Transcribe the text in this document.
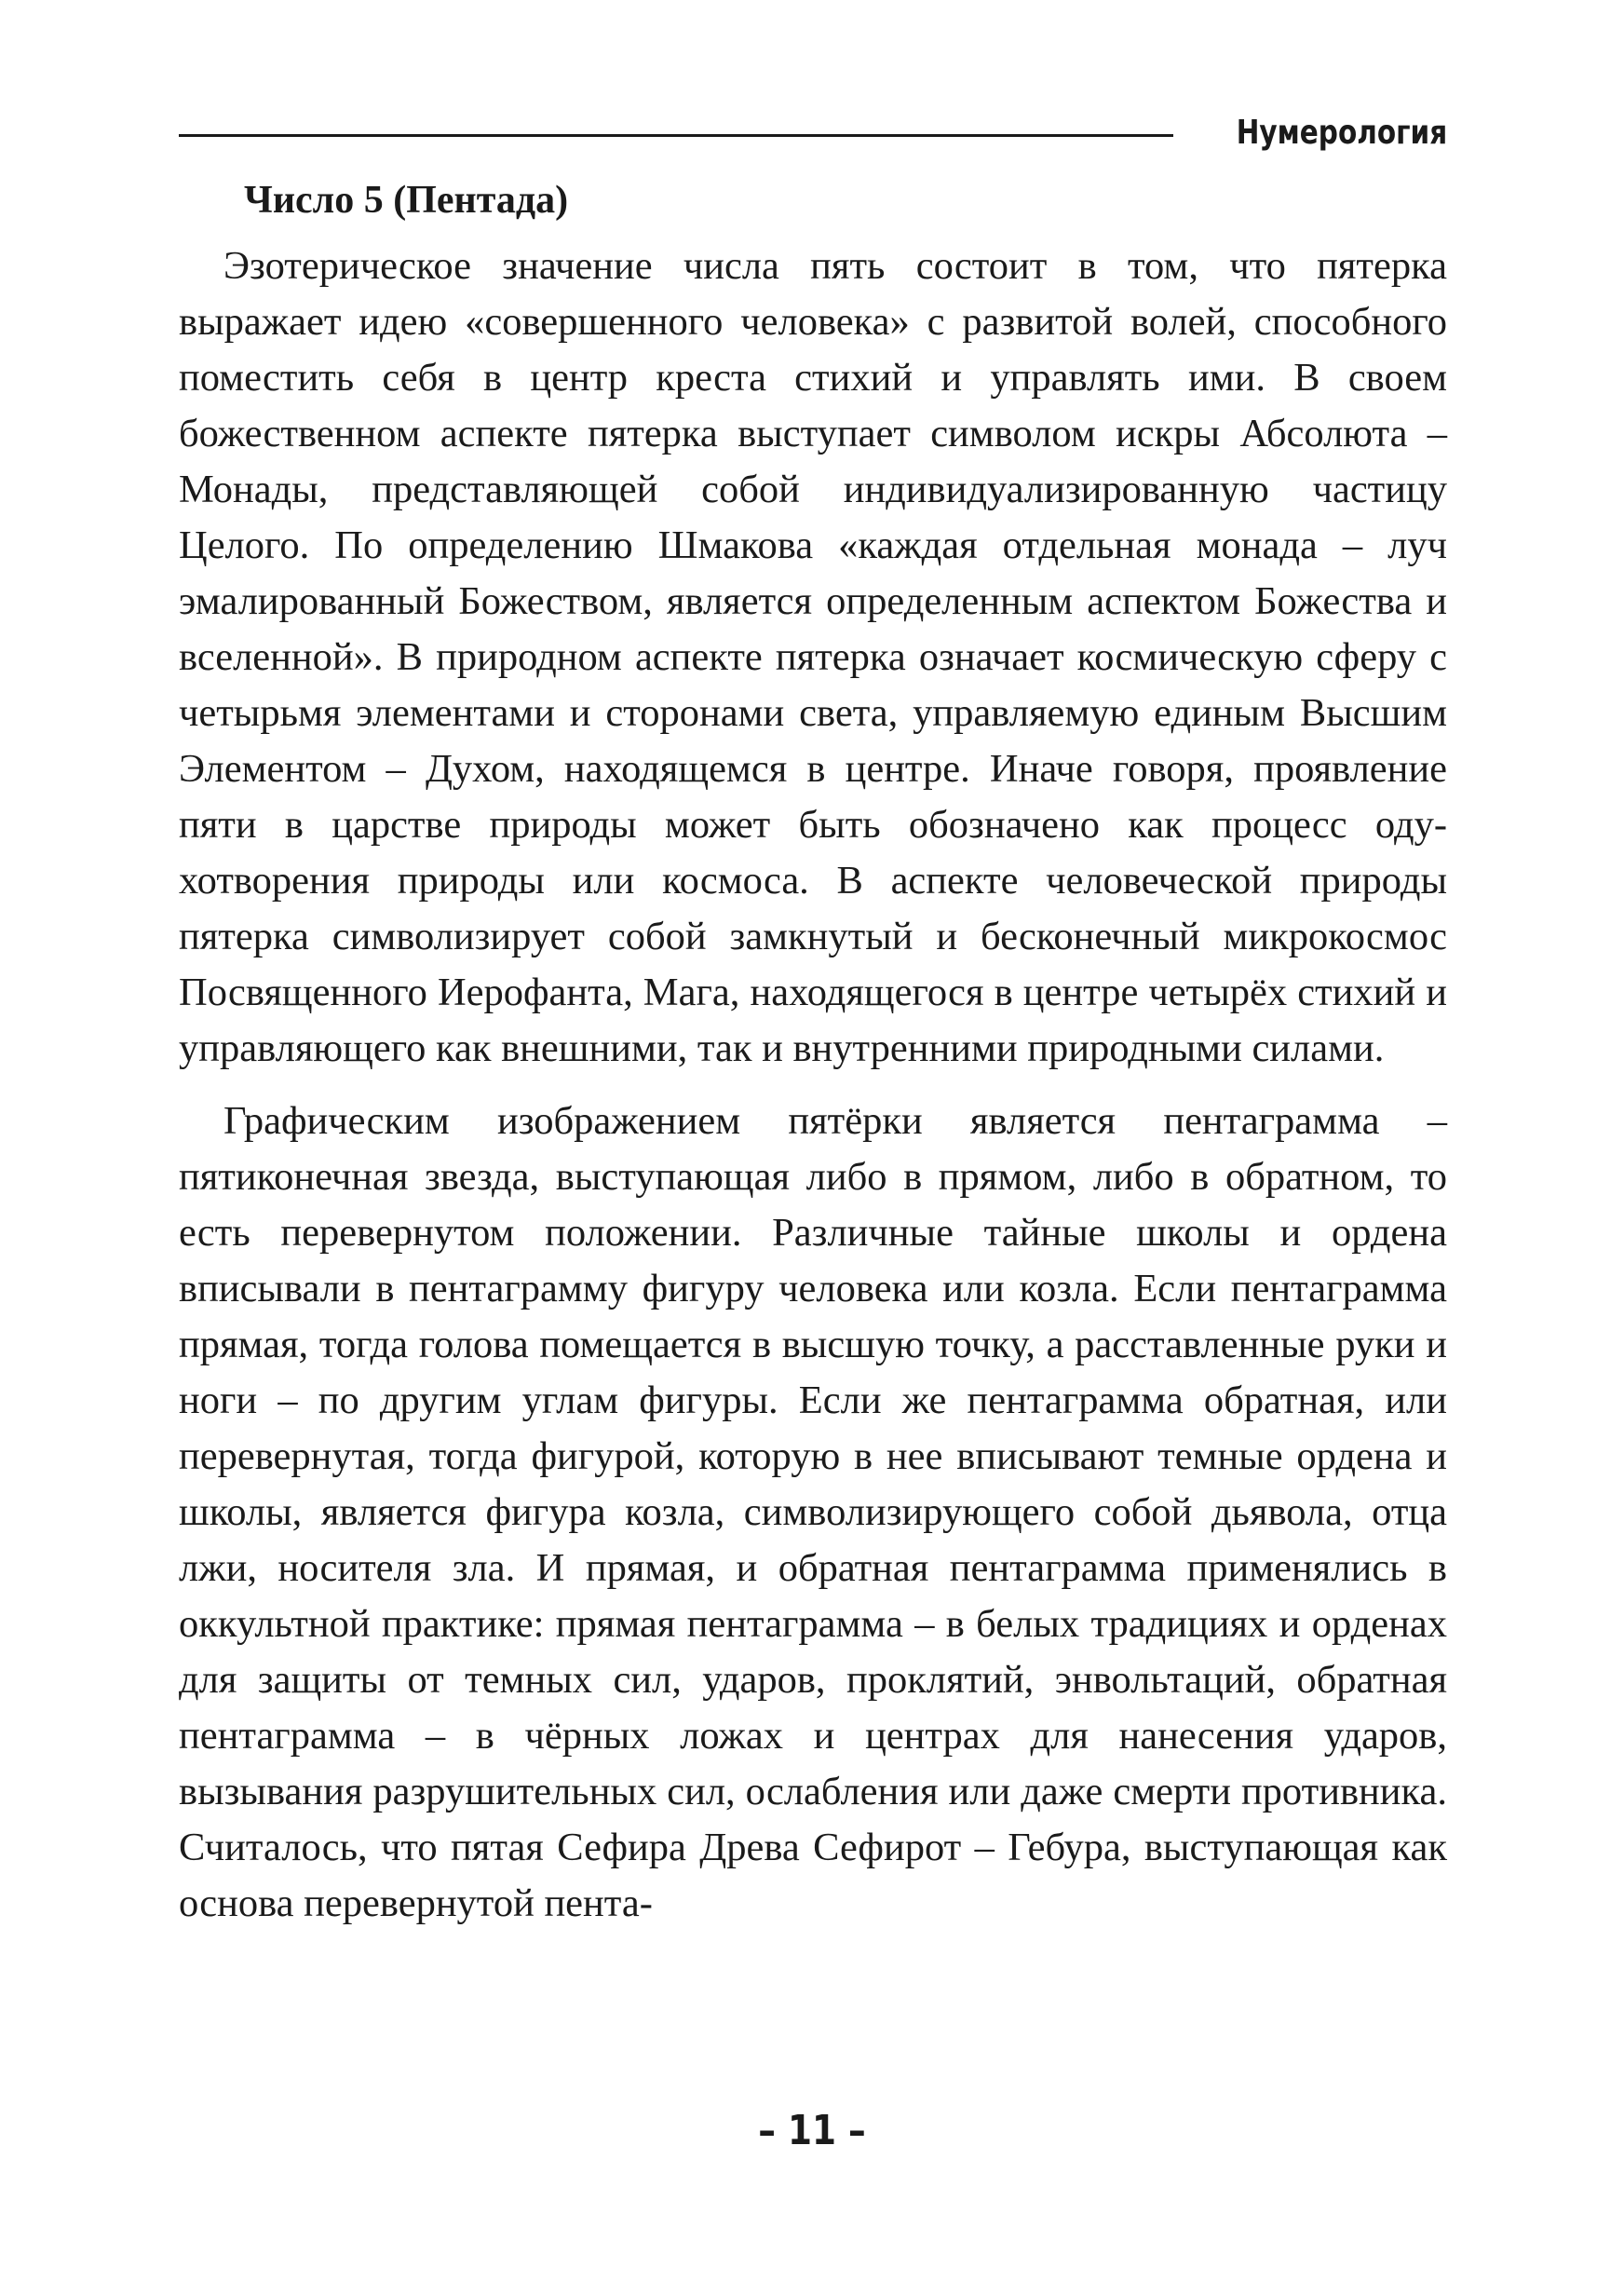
Нумерология
Число 5 (Пентада)

Эзотерическое значение числа пять состоит в том, что пятерка выражает идею «совершенного человека» с развитой волей, способного поместить себя в центр креста стихий и управлять ими. В своем божественном аспекте пятерка выступает символом искры Абсолюта – Монады, представляющей собой индивидуализированную частицу Целого. По определению Шмакова «каждая отдельная монада – луч эмалированный Божеством, является определенным аспектом Божества и вселенной». В природном аспекте пятерка означает космическую сферу с четырьмя элементами и сторонами света, управляемую единым Высшим Элементом – Духом, находящемся в центре. Иначе говоря, проявление пяти в царстве природы может быть обозначено как процесс одухотворения природы или космоса. В аспекте человеческой природы пятерка символизирует собой замкнутый и бесконечный микрокосмос Посвященного Иерофанта, Мага, находящегося в центре четырёх стихий и управляющего как внешними, так и внутренними природными силами.

Графическим изображением пятёрки является пентаграмма – пятиконечная звезда, выступающая либо в прямом, либо в обратном, то есть перевернутом положении. Различные тайные школы и ордена вписывали в пентаграмму фигуру человека или козла. Если пентаграмма прямая, тогда голова помещается в высшую точку, а расставленные руки и ноги – по другим углам фигуры. Если же пентаграмма обратная, или перевернутая, тогда фигурой, которую в нее вписывают темные ордена и школы, является фигура козла, символизирующего собой дьявола, отца лжи, носителя зла. И прямая, и обратная пентаграмма применялись в оккультной практике: прямая пентаграмма – в белых традициях и орденах для защиты от темных сил, ударов, проклятий, энвольтаций, обратная пентаграмма – в чёрных ложах и центрах для нанесения ударов, вызывания разрушительных сил, ослабления или даже смерти противника. Считалось, что пятая Сефира Древа Сефирот – Гебура, выступающая как основа перевернутой пента-

– 11 –
